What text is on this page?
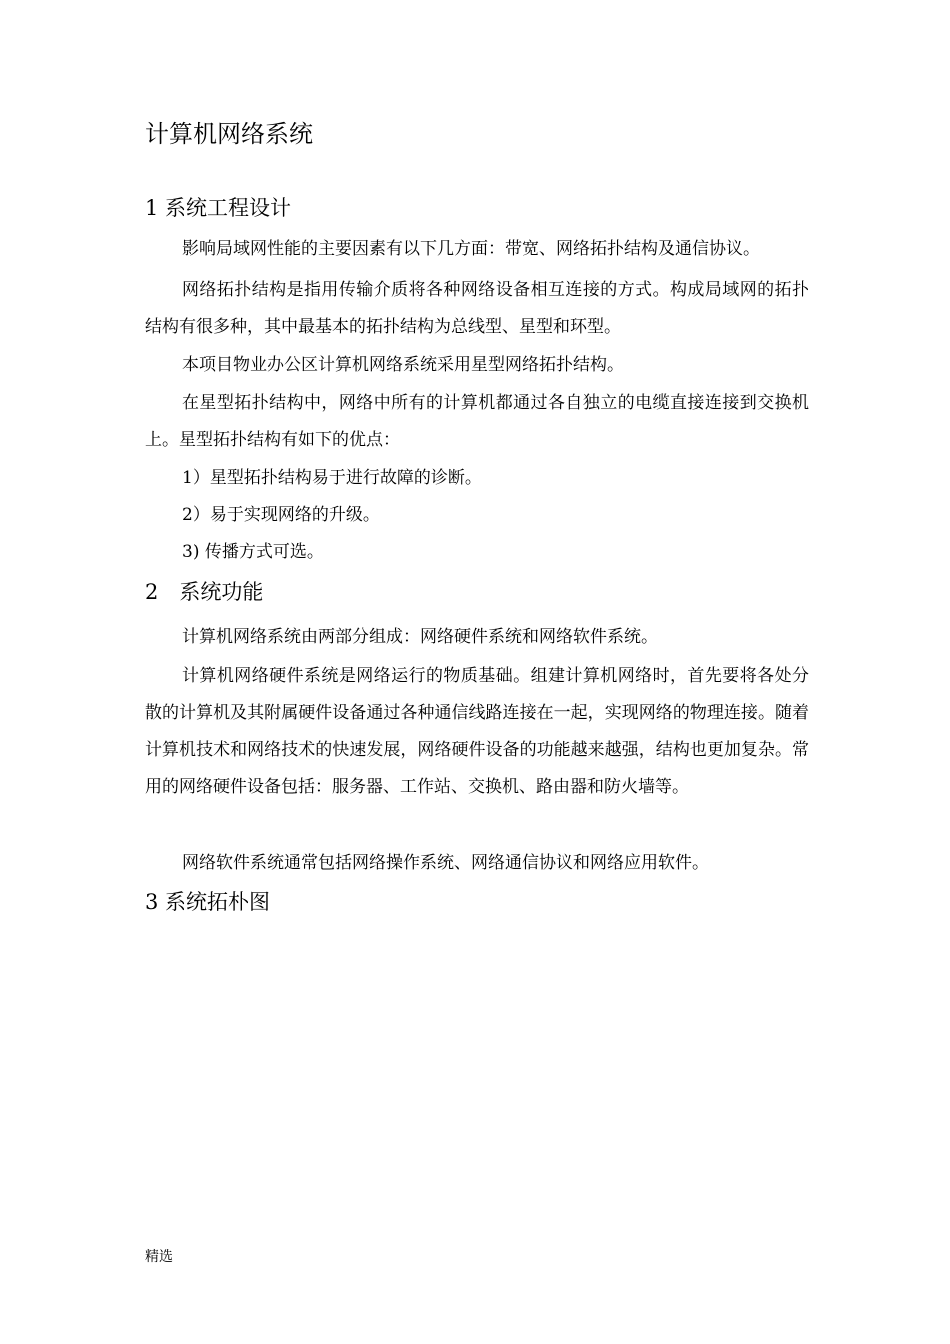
计算机网络系统
1 系统工程设计

影响局域网性能的主要因素有以下几方面：带宽、网络拓扑结构及通信协议。

网络拓扑结构是指用传输介质将各种网络设备相互连接的方式。构成局域网的拓扑结构有很多种，其中最基本的拓扑结构为总线型、星型和环型。

本项目物业办公区计算机网络系统采用星型网络拓扑结构。

在星型拓扑结构中，网络中所有的计算机都通过各自独立的电缆直接连接到交换机上。星型拓扑结构有如下的优点：

1）星型拓扑结构易于进行故障的诊断。

2）易于实现网络的升级。

3) 传播方式可选。

2　系统功能

计算机网络系统由两部分组成：网络硬件系统和网络软件系统。

计算机网络硬件系统是网络运行的物质基础。组建计算机网络时，首先要将各处分散的计算机及其附属硬件设备通过各种通信线路连接在一起，实现网络的物理连接。随着计算机技术和网络技术的快速发展，网络硬件设备的功能越来越强，结构也更加复杂。常用的网络硬件设备包括：服务器、工作站、交换机、路由器和防火墙等。

网络软件系统通常包括网络操作系统、网络通信协议和网络应用软件。

3 系统拓朴图

精选
